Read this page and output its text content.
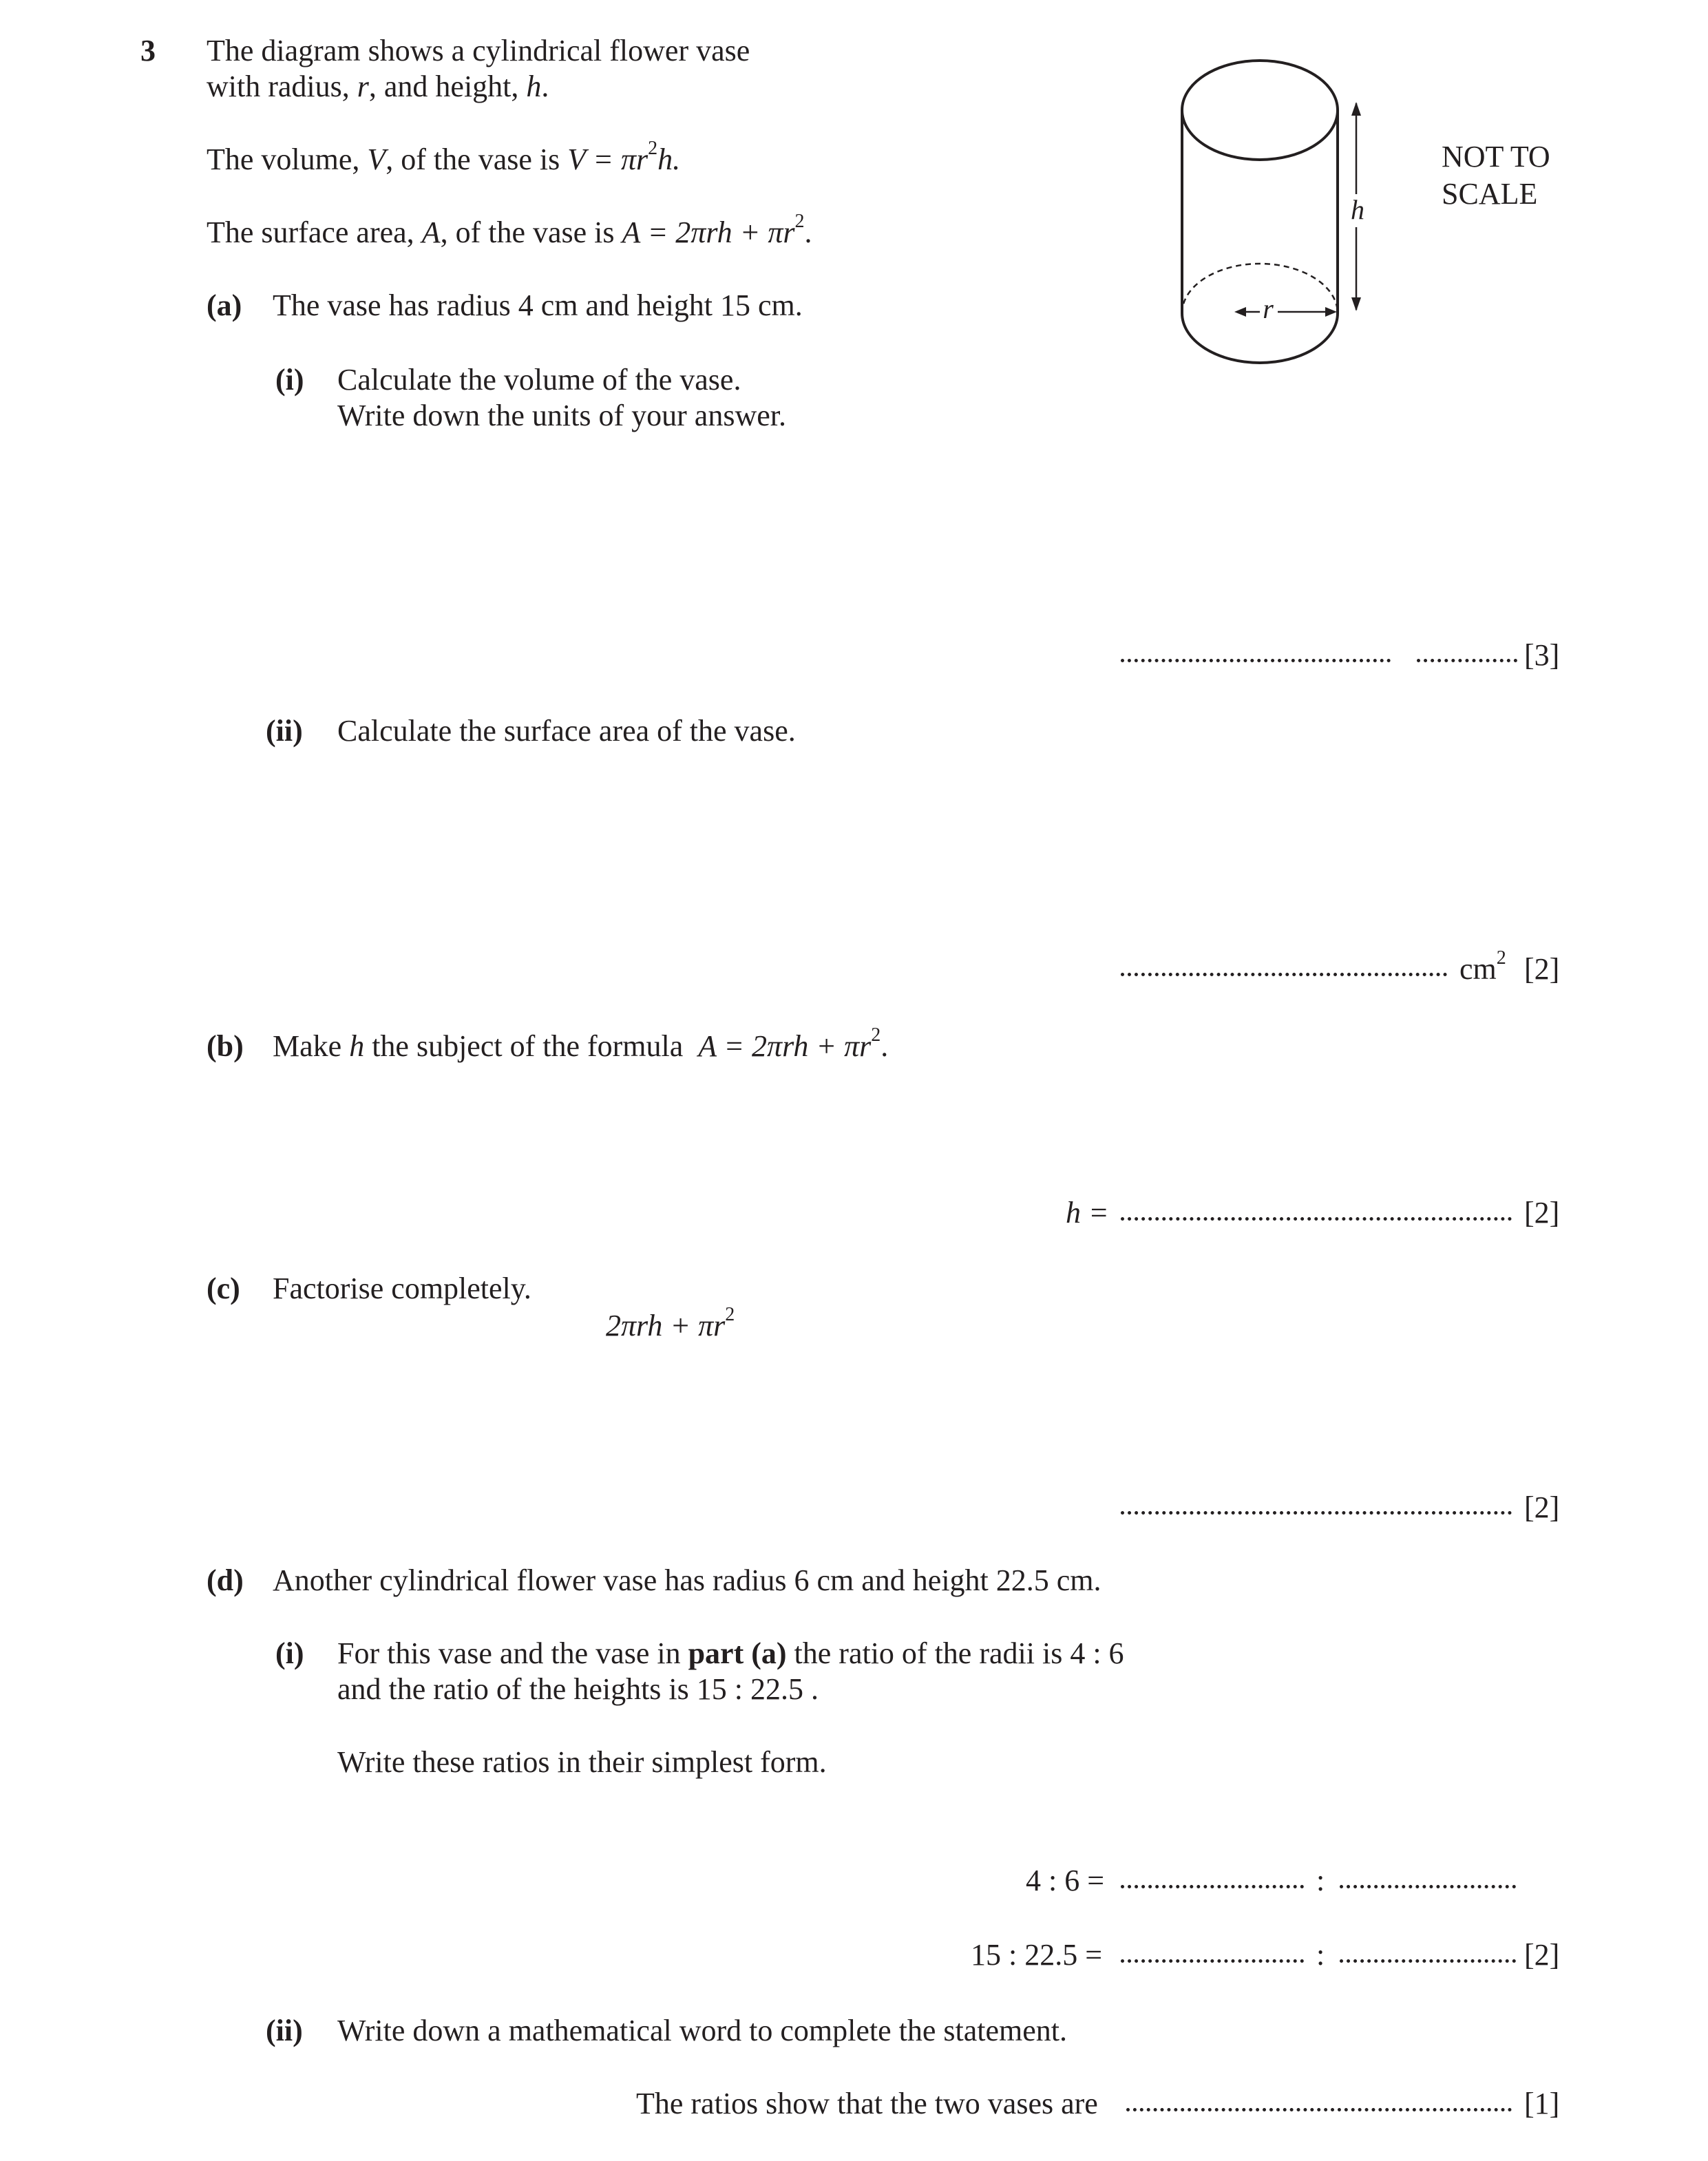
3 The diagram shows a cylindrical flower vase
with radius, r, and height, h.
The volume, V, of the vase is $V = \pi r^2h$.
The surface area, A, of the vase is $A = 2\pi rh + \pi r^2$.
r
h
NOT TO
SCALE
(a) The vase has radius 4 cm and height 15 cm.
(i) Calculate the volume of the vase.
Write down the units of your answer.
[3]
(ii) Calculate the surface area of the vase.
$cm^2$ [2]
(b) Make h the subject of the formula $A = 2\pi rh + \pi r^2$.
h =	[2]
(c) Factorise completely.
$2\pi rh + \pi r^2$
[2]
(d) Another cylindrical flower vase has radius 6 cm and height 22.5 cm.
(i) For this vase and the vase in part (a) the ratio of the radii is 4 : 6
and the ratio of the heights is 15 : 22.5 .
Write these ratios in their simplest form.
4 : 6 =	:
15 : 22.5 =	:	[2]
(ii) Write down a mathematical word to complete the statement.
The ratios show that the two vases are	[1]
